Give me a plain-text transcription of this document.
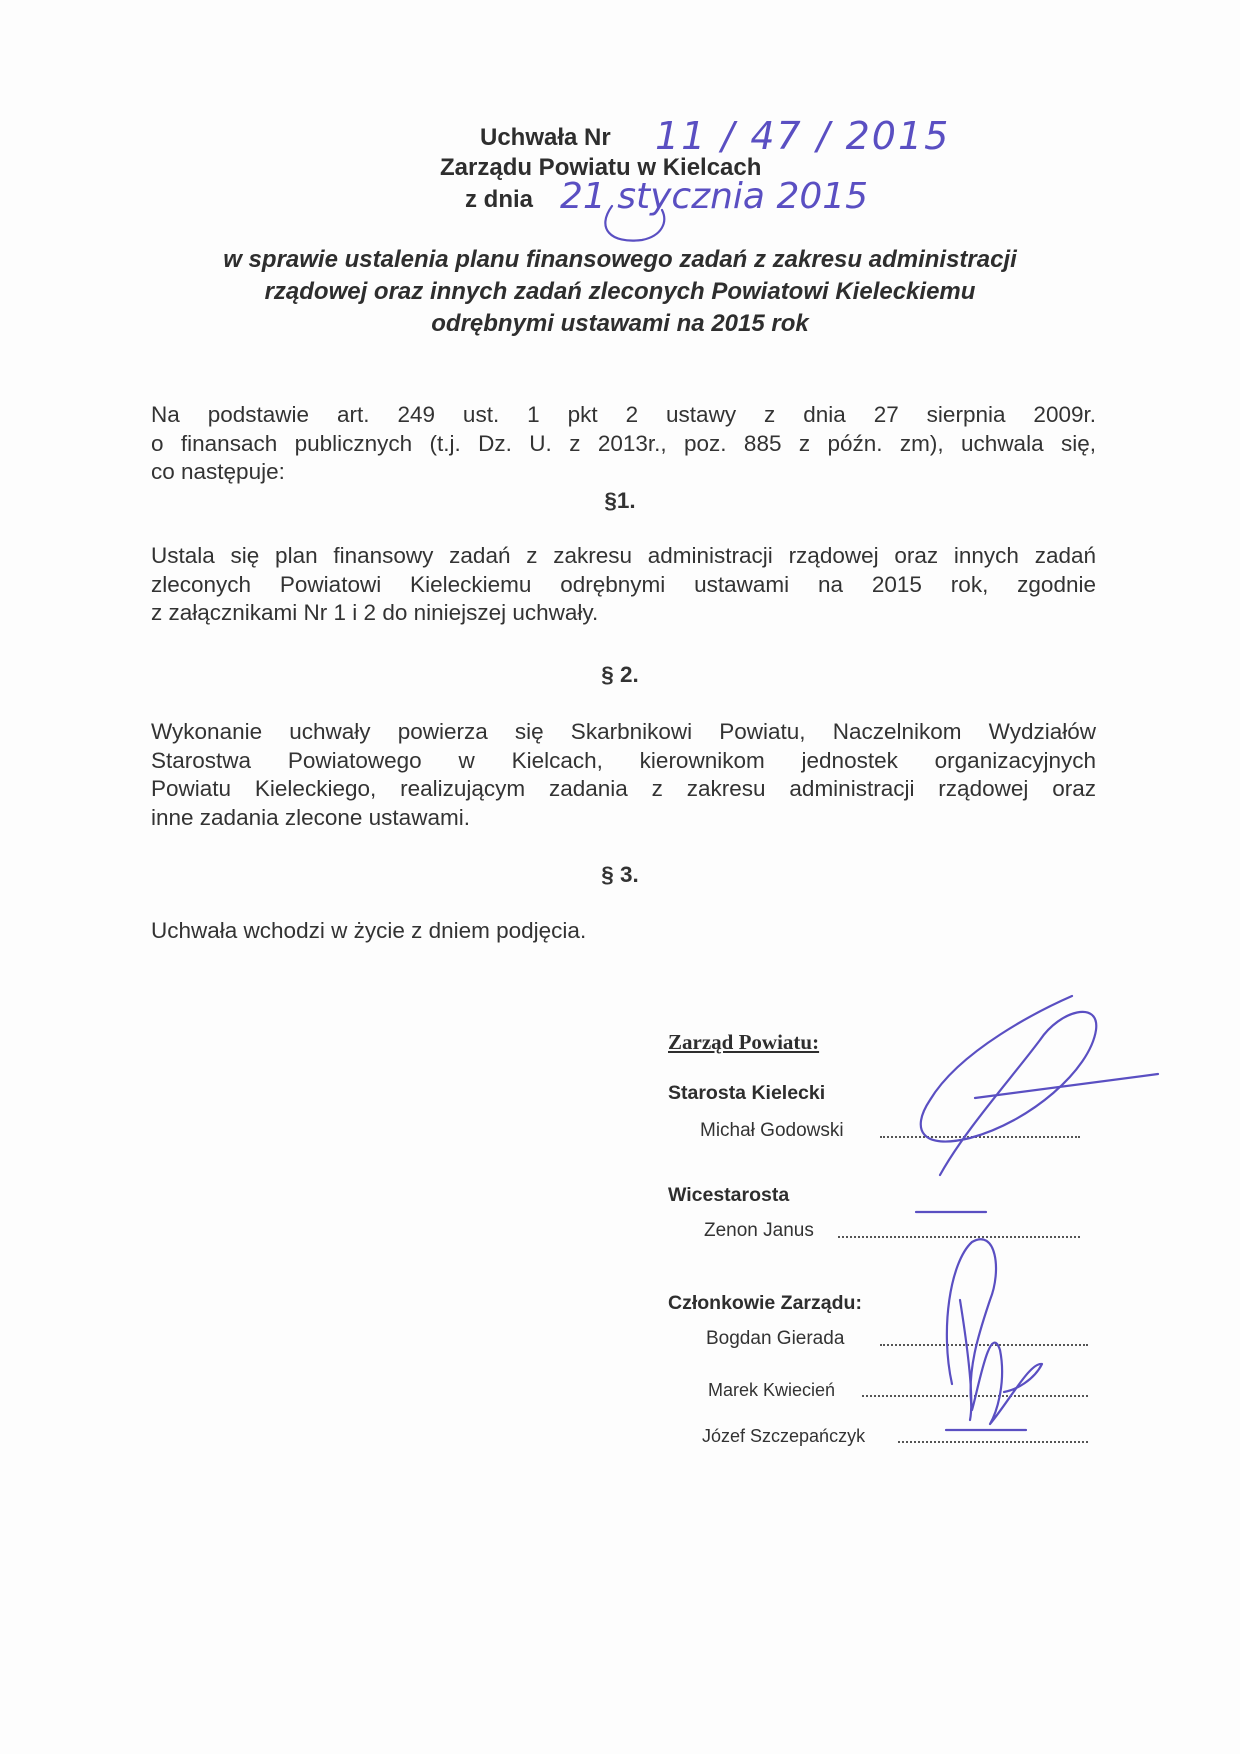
Uchwała Nr 11 / 47 / 2015
Zarządu Powiatu w Kielcach
z dnia 21 stycznia 2015
w sprawie ustalenia planu finansowego zadań z zakresu administracji
rządowej oraz innych zadań zleconych Powiatowi Kieleckiemu
odrębnymi ustawami na 2015 rok
Na podstawie art. 249 ust. 1 pkt 2 ustawy z dnia 27 sierpnia 2009r.
o finansach publicznych (t.j. Dz. U. z 2013r., poz. 885 z późn. zm), uchwala się,
co następuje:
§1.
Ustala się plan finansowy zadań z zakresu administracji rządowej oraz innych zadań
zleconych Powiatowi Kieleckiemu odrębnymi ustawami na 2015 rok, zgodnie
z załącznikami Nr 1 i 2 do niniejszej uchwały.
§ 2.
Wykonanie uchwały powierza się Skarbnikowi Powiatu, Naczelnikom Wydziałów
Starostwa Powiatowego w Kielcach, kierownikom jednostek organizacyjnych
Powiatu Kieleckiego, realizującym zadania z zakresu administracji rządowej oraz
inne zadania zlecone ustawami.
§ 3.
Uchwała wchodzi w życie z dniem podjęcia.
Zarząd Powiatu:
Starosta Kielecki
Michał Godowski
Wicestarosta
Zenon Janus
Członkowie Zarządu:
Bogdan Gierada
Marek Kwiecień
Józef Szczepańczyk
